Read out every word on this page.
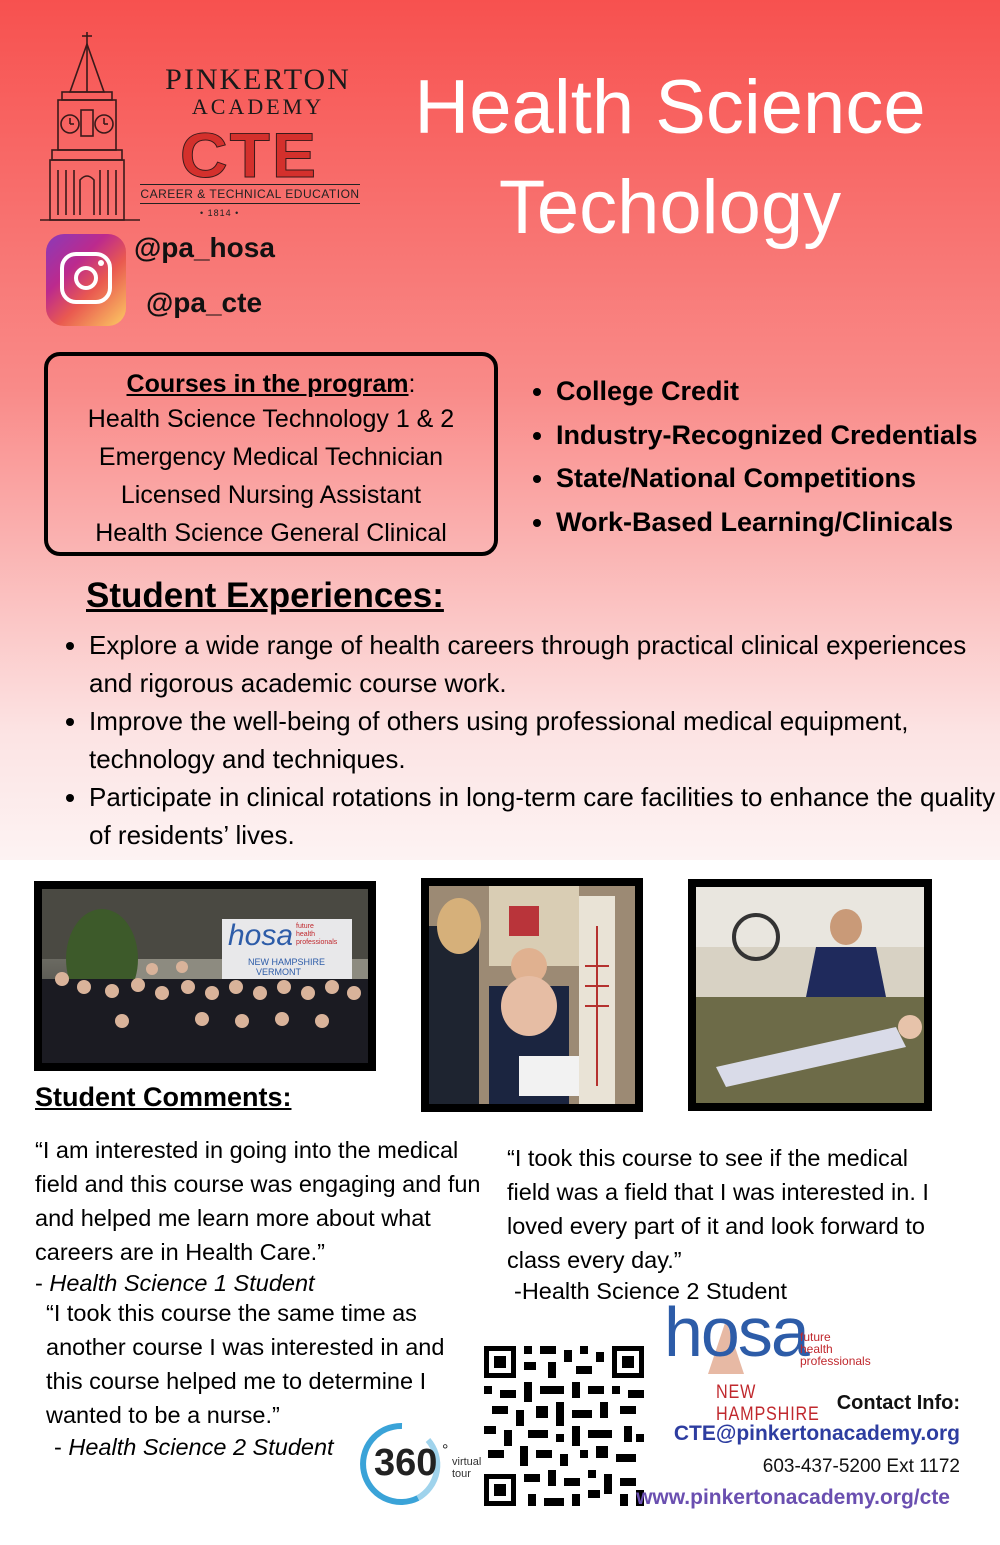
PINKERTON
ACADEMY
CTE
CAREER & TECHNICAL EDUCATION
• 1814 •
Health Science
Techology
@pa_hosa
@pa_cte
Courses in the program:
Health Science Technology 1 & 2
Emergency Medical Technician
Licensed Nursing Assistant
Health Science General Clinical
• College Credit
• Industry-Recognized Credentials
• State/National Competitions
• Work-Based Learning/Clinicals
Student Experiences:
• Explore a wide range of health careers through practical clinical experiences and rigorous academic course work.
• Improve the well-being of others using professional medical equipment, technology and techniques.
• Participate in clinical rotations in long-term care facilities to enhance the quality of residents’ lives.
hosa future
health
professionals
NEW HAMPSHIRE
VERMONT
Student Comments:
“I am interested in going into the medical field and this course was engaging and fun and helped me learn more about what careers are in Health Care.”
- Health Science 1 Student
“I took this course the same time as another course I was interested in and this course helped me to determine I wanted to be a nurse.”
- Health Science 2 Student
“I took this course to see if the medical field was a field that I was interested in. I loved every part of it and look forward to class every day.”
-Health Science 2 Student
360 °
virtual
tour
hosa
future
health
professionals
NEW HAMPSHIRE
Contact Info:
CTE@pinkertonacademy.org
603-437-5200 Ext 1172
www.pinkertonacademy.org/cte
